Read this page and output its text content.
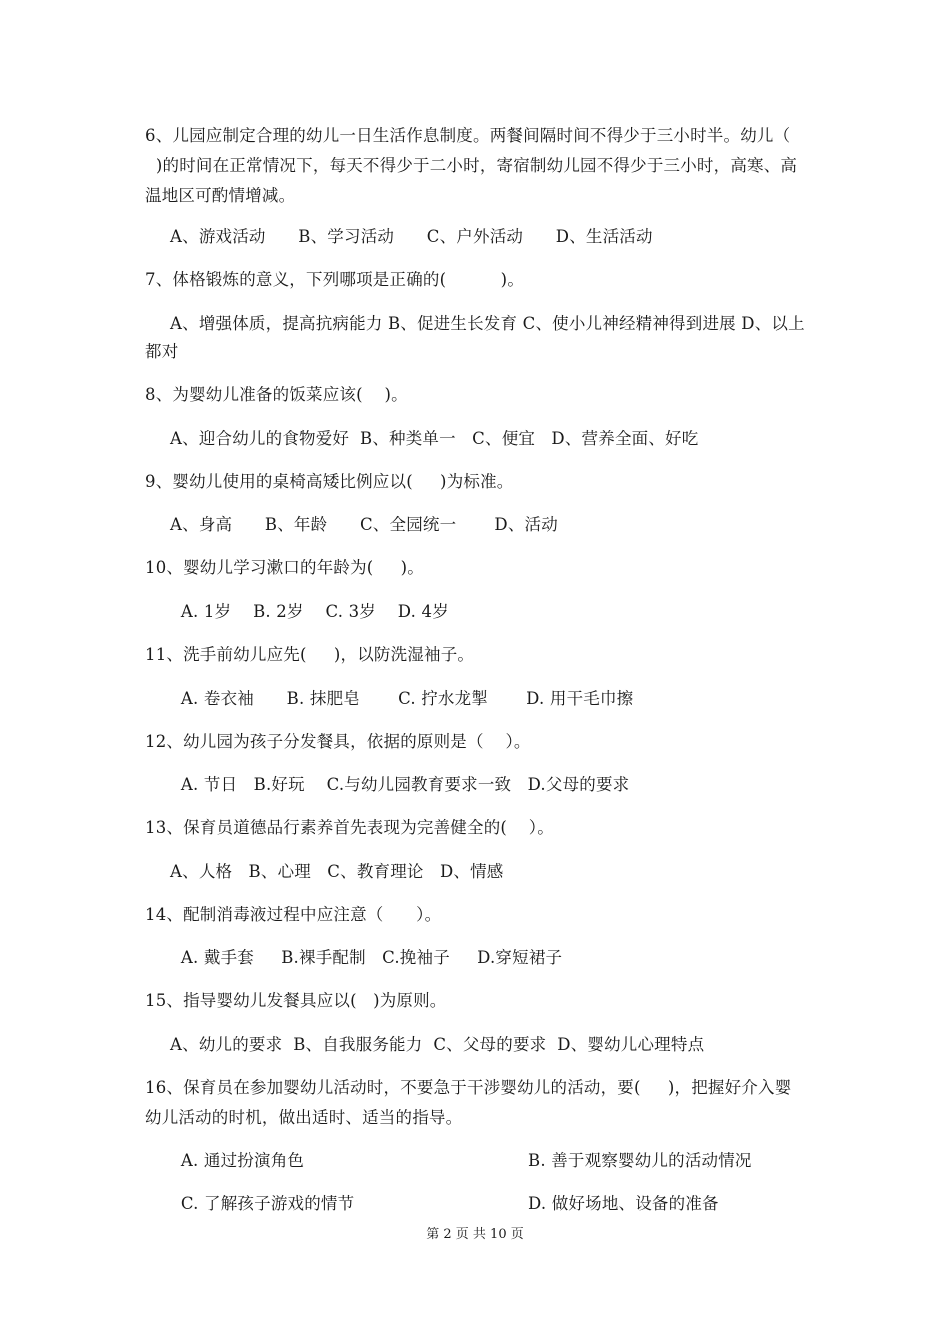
6、儿园应制定合理的幼儿一日生活作息制度。两餐间隔时间不得少于三小时半。幼儿（
)的时间在正常情况下，每天不得少于二小时，寄宿制幼儿园不得少于三小时，高寒、高
温地区可酌情增减。
A、游戏活动      B、学习活动      C、户外活动      D、生活活动
7、体格锻炼的意义，下列哪项是正确的(          )。
A、增强体质，提高抗病能力 B、促进生长发育 C、使小儿神经精神得到进展 D、以上
都对
8、为婴幼儿准备的饭菜应该(    )。
A、迎合幼儿的食物爱好  B、种类单一   C、便宜   D、营养全面、好吃
9、婴幼儿使用的桌椅高矮比例应以(     )为标准。
A、身高      B、年龄      C、全园统一       D、活动
10、婴幼儿学习漱口的年龄为(     )。
A. 1岁    B. 2岁    C. 3岁    D. 4岁
11、洗手前幼儿应先(     )，以防洗湿袖子。
A. 卷衣袖      B. 抹肥皂       C. 拧水龙掣       D. 用干毛巾擦
12、幼儿园为孩子分发餐具，依据的原则是（    ）。
A. 节日   B.好玩    C.与幼儿园教育要求一致   D.父母的要求
13、保育员道德品行素养首先表现为完善健全的(    ）。
A、人格   B、心理   C、教育理论   D、情感
14、配制消毒液过程中应注意（      ）。
A. 戴手套     B.裸手配制   C.挽袖子     D.穿短裙子
15、指导婴幼儿发餐具应以(   )为原则。
A、幼儿的要求  B、自我服务能力  C、父母的要求  D、婴幼儿心理特点
16、保育员在参加婴幼儿活动时，不要急于干涉婴幼儿的活动，要(     )，把握好介入婴
幼儿活动的时机，做出适时、适当的指导。
A. 通过扮演角色	B. 善于观察婴幼儿的活动情况
C. 了解孩子游戏的情节	D. 做好场地、设备的准备
第 2 页 共 10 页
